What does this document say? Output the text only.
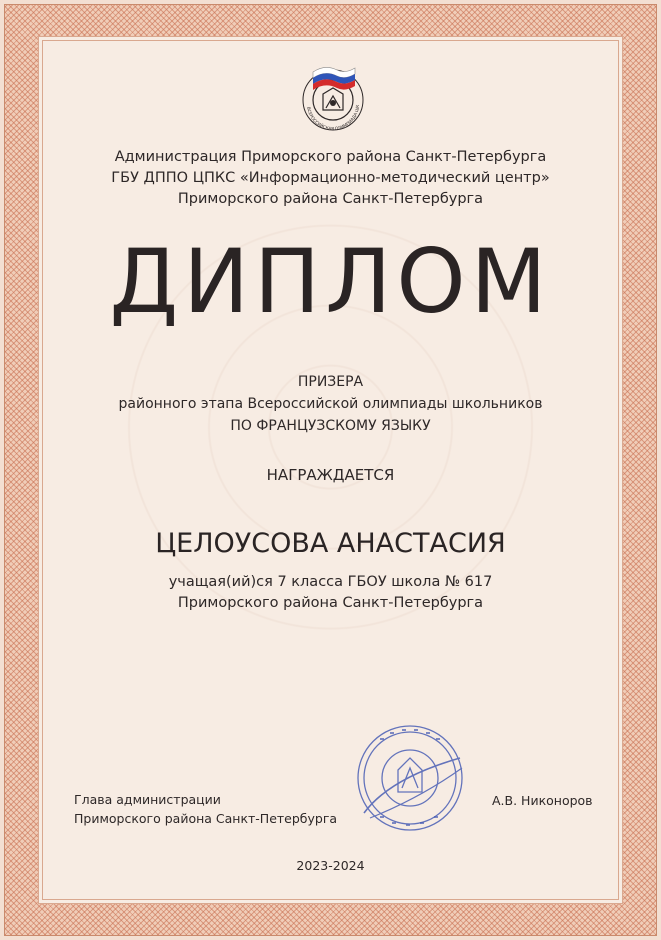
ВСЕРОССИЙСКАЯ ОЛИМПИАДА ШК
Администрация Приморского района Санкт-Петербурга
ГБУ ДППО ЦПКС «Информационно-методический центр»
Приморского района Санкт-Петербурга
ДИПЛОМ
ПРИЗЕРА
районного этапа Всероссийской олимпиады школьников
ПО ФРАНЦУЗСКОМУ ЯЗЫКУ
НАГРАЖДАЕТСЯ
ЦЕЛОУСОВА АНАСТАСИЯ
учащая(ий)ся 7 класса ГБОУ школа № 617
Приморского района Санкт-Петербурга
Глава администрации
Приморского района Санкт-Петербурга
А.В. Никоноров
2023-2024
